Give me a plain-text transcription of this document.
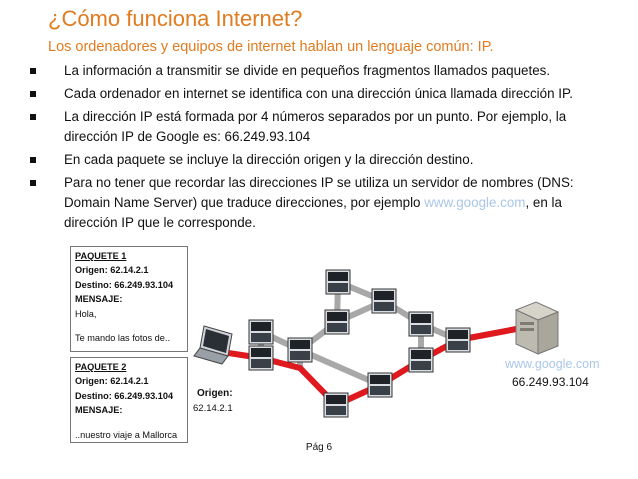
¿Cómo funciona Internet?
Los ordenadores y equipos de internet hablan un lenguaje común: IP.
La información a transmitir se divide en pequeños fragmentos llamados paquetes.
Cada ordenador en internet se identifica con una dirección única llamada dirección IP.
La dirección IP está formada por 4 números separados por un punto. Por ejemplo, la dirección IP de Google es: 66.249.93.104
En cada paquete se incluye la dirección origen y la dirección destino.
Para no tener que recordar las direcciones IP se utiliza un servidor de nombres (DNS: Domain Name Server) que traduce direcciones, por ejemplo www.google.com, en la dirección IP que le corresponde.
PAQUETE 1
Origen: 62.14.2.1
Destino: 66.249.93.104
MENSAJE:
Hola,
Te mando las fotos de..
PAQUETE 2
Origen: 62.14.2.1
Destino: 66.249.93.104
MENSAJE:
..nuestro viaje a Mallorca
Origen:
62.14.2.1
www.google.com
66.249.93.104
Pág 6
